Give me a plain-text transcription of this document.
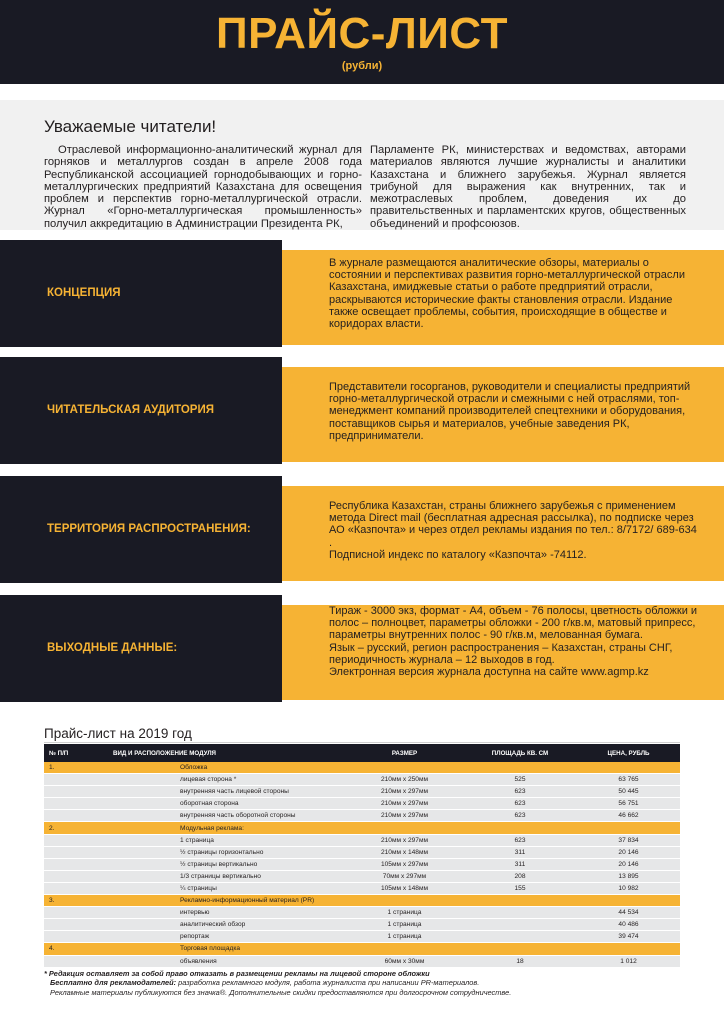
ПРАЙС-ЛИСТ
(рубли)
Уважаемые читатели!
Отраслевой информационно-аналитический журнал для горняков и металлургов создан в апреле 2008 года Республиканской ассоциацией горнодобывающих и горно-металлургических предприятий Казахстана для освещения проблем и перспектив горно-металлургической отрасли. Журнал «Горно-металлургическая промышленность» получил аккредитацию в Администрации Президента РК,
Парламенте РК, министерствах и ведомствах, авторами материалов являются лучшие журналисты и аналитики Казахстана и ближнего зарубежья. Журнал является трибуной для выражения как внутренних, так и межотраслевых проблем, доведения их до правительственных и парламентских кругов, общественных объединений и профсоюзов.
КОНЦЕПЦИЯ
В журнале размещаются аналитические обзоры, материалы о состоянии и перспективах развития горно-металлургической отрасли Казахстана, имиджевые статьи о работе предприятий отрасли, раскрываются исторические факты становления отрасли. Издание также освещает проблемы, события, происходящие в обществе и коридорах власти.
ЧИТАТЕЛЬСКАЯ АУДИТОРИЯ
Представители госорганов, руководители и специалисты предприятий горно-металлургической отрасли и смежными с ней отраслями, топ-менеджмент компаний производителей спецтехники и оборудования, поставщиков сырья и материалов, учебные заведения РК, предприниматели.
ТЕРРИТОРИЯ РАСПРОСТРАНЕНИЯ:
Республика Казахстан, страны ближнего зарубежья с применением метода Direct mail (бесплатная адресная рассылка), по подписке через АО «Казпочта» и через отдел рекламы издания по тел.: 8/7172/ 689-634 .
Подписной индекс по каталогу «Казпочта» -74112.
ВЫХОДНЫЕ ДАННЫЕ:
Тираж - 3000 экз, формат - А4, объем - 76 полосы, цветность обложки и полос – полноцвет, параметры обложки - 200 г/кв.м, матовый припресс, параметры внутренних полос - 90 г/кв.м, мелованная бумага.
Язык – русский, регион распространения – Казахстан, страны СНГ, периодичность журнала – 12 выходов в год.
Электронная версия журнала доступна на сайте www.agmp.kz
Прайс-лист на 2019 год
№ П/П	ВИД И РАСПОЛОЖЕНИЕ МОДУЛЯ	РАЗМЕР	ПЛОЩАДЬ КВ. СМ	ЦЕНА, РУБЛЬ
1.	Обложка			
	лицевая сторона *	210мм x 250мм	525	63 765
	внутренняя часть лицевой стороны	210мм x 297мм	623	50 445
	оборотная сторона	210мм x 297мм	623	56 751
	внутренняя часть оборотной стороны	210мм x 297мм	623	46 662
2.	Модульная реклама:			
	1 страница	210мм x 297мм	623	37 834
	½ страницы горизонтально	210мм x 148мм	311	20 146
	½ страницы вертикально	105мм x 297мм	311	20 146
	1/3 страницы вертикально	70мм x 297мм	208	13 895
	¼ страницы	105мм x 148мм	155	10 982
3.	Рекламно-информационный материал (PR)			
	интервью	1 страница		44 534
	аналитический обзор	1 страница		40 486
	репортаж	1 страница		39 474
4.	Торговая площадка			
	объявления	60мм x 30мм	18	1 012
* Редакция оставляет за собой право отказать в размещении рекламы на лицевой стороне обложки
Бесплатно для рекламодателей: разработка рекламного модуля, работа журналиста при написании PR-материалов.
Рекламные материалы публикуются без значка®. Дополнительные скидки предоставляются при долгосрочном сотрудничестве.
